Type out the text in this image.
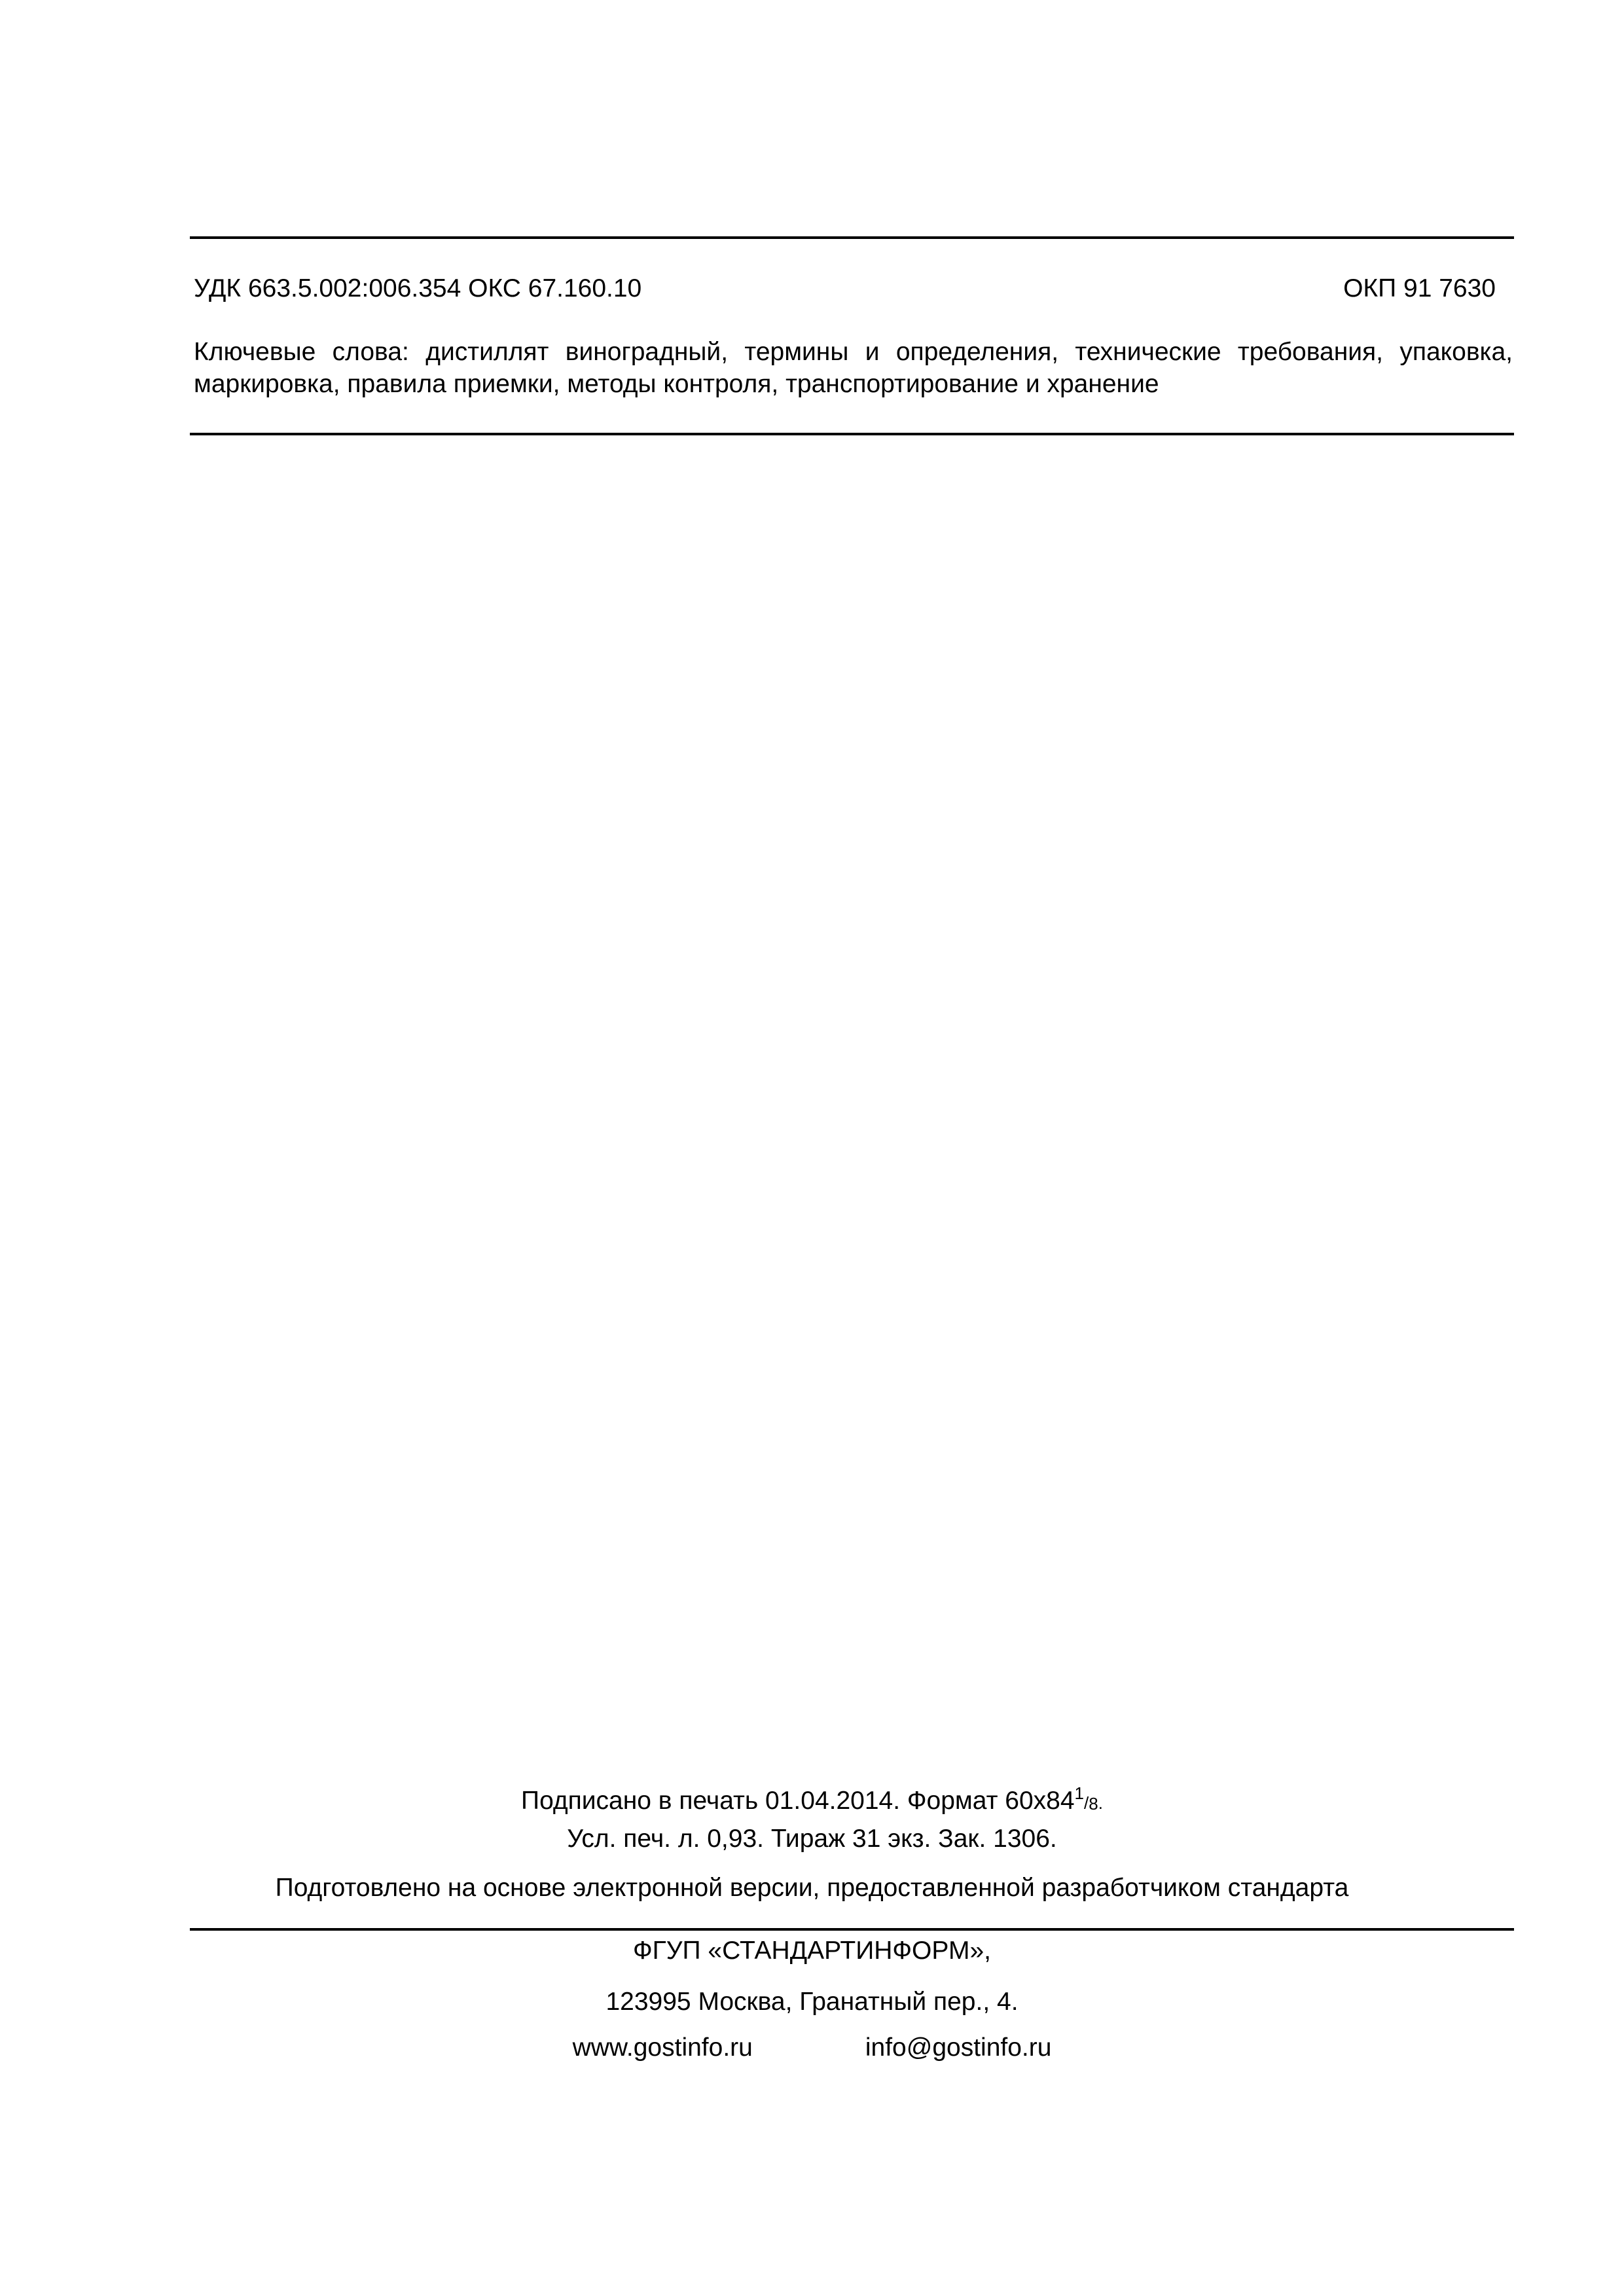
УДК 663.5.002:006.354 ОКС 67.160.10	ОКП 91 7630
Ключевые слова: дистиллят виноградный, термины и определения, технические требования, упаковка, маркировка, правила приемки, методы контроля, транспортирование и хранение
Подписано в печать 01.04.2014. Формат $60x84^1/_8$.
Усл. печ. л. 0,93. Тираж 31 экз. Зак. 1306.
Подготовлено на основе электронной версии, предоставленной разработчиком стандарта
ФГУП «СТАНДАРТИНФОРМ»,
123995 Москва, Гранатный пер., 4.
www.gostinfo.ru	info@gostinfo.ru
